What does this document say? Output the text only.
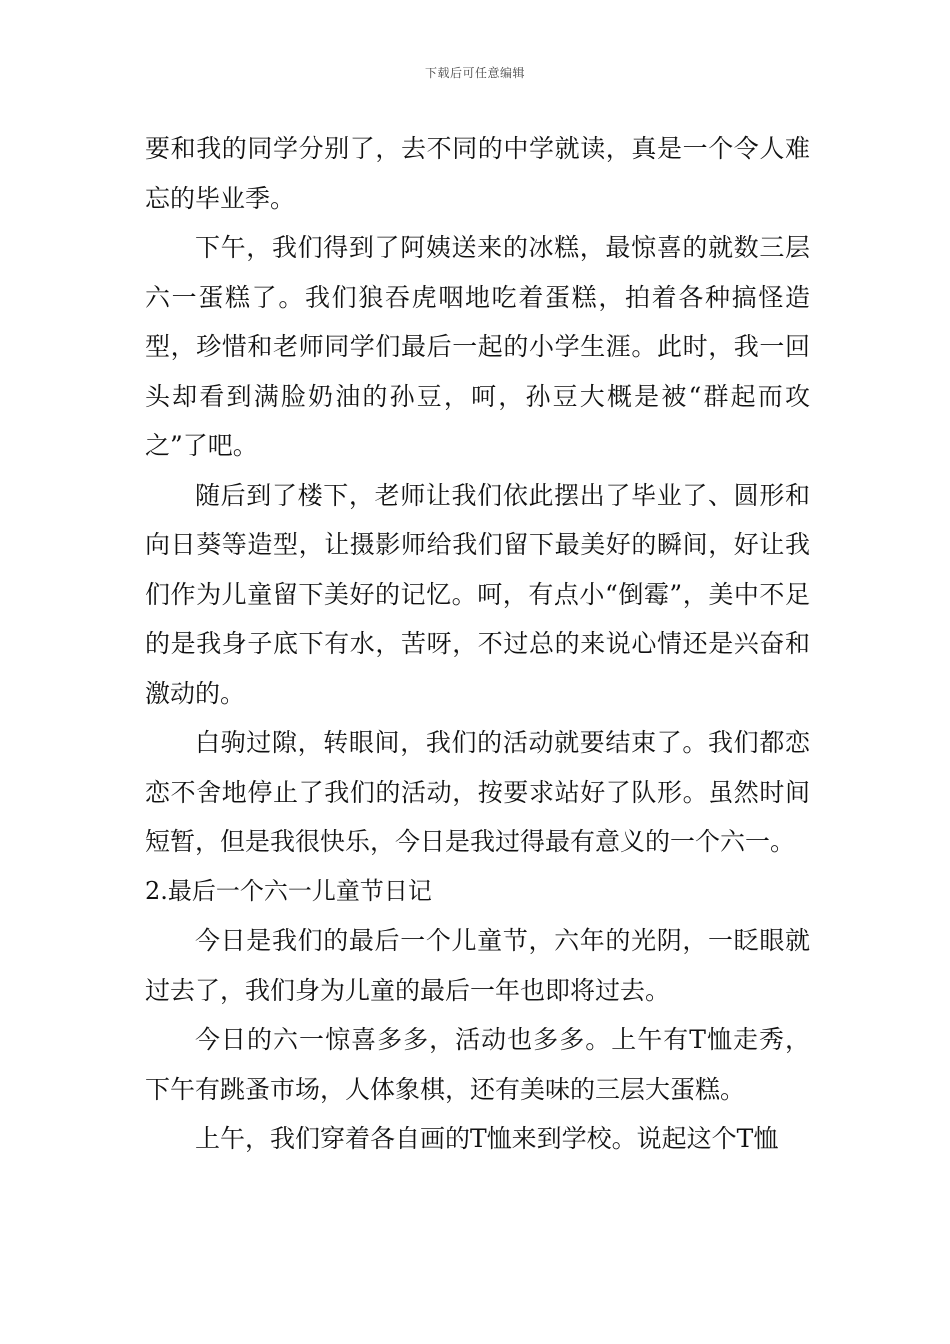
下载后可任意编辑

要和我的同学分别了，去不同的中学就读，真是一个令人难忘的毕业季。

下午，我们得到了阿姨送来的冰糕，最惊喜的就数三层六一蛋糕了。我们狼吞虎咽地吃着蛋糕，拍着各种搞怪造型，珍惜和老师同学们最后一起的小学生涯。此时，我一回头却看到满脸奶油的孙豆，呵，孙豆大概是被“群起而攻之”了吧。

随后到了楼下，老师让我们依此摆出了毕业了、圆形和向日葵等造型，让摄影师给我们留下最美好的瞬间，好让我们作为儿童留下美好的记忆。呵，有点小“倒霉”，美中不足的是我身子底下有水，苦呀，不过总的来说心情还是兴奋和激动的。

白驹过隙，转眼间，我们的活动就要结束了。我们都恋恋不舍地停止了我们的活动，按要求站好了队形。虽然时间短暂，但是我很快乐，今日是我过得最有意义的一个六一。

2.最后一个六一儿童节日记

今日是我们的最后一个儿童节，六年的光阴，一眨眼就过去了，我们身为儿童的最后一年也即将过去。

今日的六一惊喜多多，活动也多多。上午有T恤走秀，下午有跳蚤市场，人体象棋，还有美味的三层大蛋糕。

上午，我们穿着各自画的T恤来到学校。说起这个T恤
